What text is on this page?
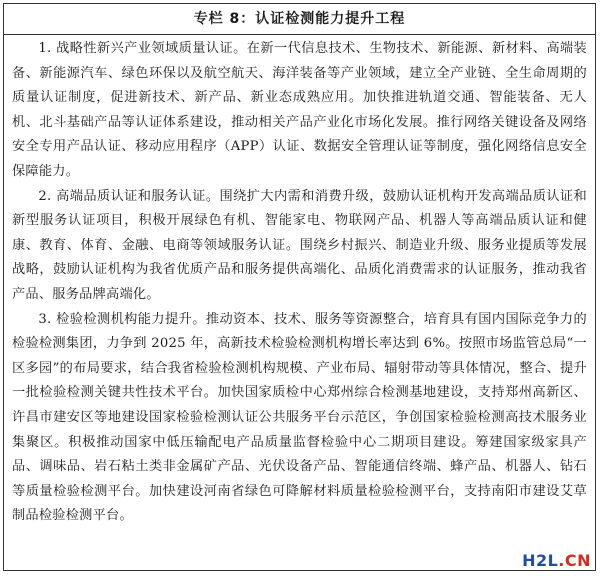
专栏 8：认证检测能力提升工程

1. 战略性新兴产业领域质量认证。在新一代信息技术、生物技术、新能源、新材料、高端装备、新能源汽车、绿色环保以及航空航天、海洋装备等产业领域，建立全产业链、全生命周期的质量认证制度，促进新技术、新产品、新业态成熟应用。加快推进轨道交通、智能装备、无人机、北斗基础产品等认证体系建设，推动相关产品产业化市场化发展。推行网络关键设备及网络安全专用产品认证、移动应用程序（APP）认证、数据安全管理认证等制度，强化网络信息安全保障能力。

2. 高端品质认证和服务认证。围绕扩大内需和消费升级，鼓励认证机构开发高端品质认证和新型服务认证项目，积极开展绿色有机、智能家电、物联网产品、机器人等高端品质认证和健康、教育、体育、金融、电商等领域服务认证。围绕乡村振兴、制造业升级、服务业提质等发展战略，鼓励认证机构为我省优质产品和服务提供高端化、品质化消费需求的认证服务，推动我省产品、服务品牌高端化。

3. 检验检测机构能力提升。推动资本、技术、服务等资源整合，培育具有国内国际竞争力的检验检测集团，力争到 2025 年，高新技术检验检测机构增长率达到 6%。按照市场监管总局“一区多园”的布局要求，结合我省检验检测机构规模、产业布局、辐射带动等具体情况，整合、提升一批检验检测关键共性技术平台。加快国家质检中心郑州综合检测基地建设，支持郑州高新区、许昌市建安区等地建设国家检验检测认证公共服务平台示范区，争创国家检验检测高技术服务业集聚区。积极推动国家中低压输配电产品质量监督检验中心二期项目建设。筹建国家级家具产品、调味品、岩石粘土类非金属矿产品、光伏设备产品、智能通信终端、蜂产品、机器人、钻石等质量检验检测平台。加快建设河南省绿色可降解材料质量检验检测平台，支持南阳市建设艾草制品检验检测平台。

H2L.CN
